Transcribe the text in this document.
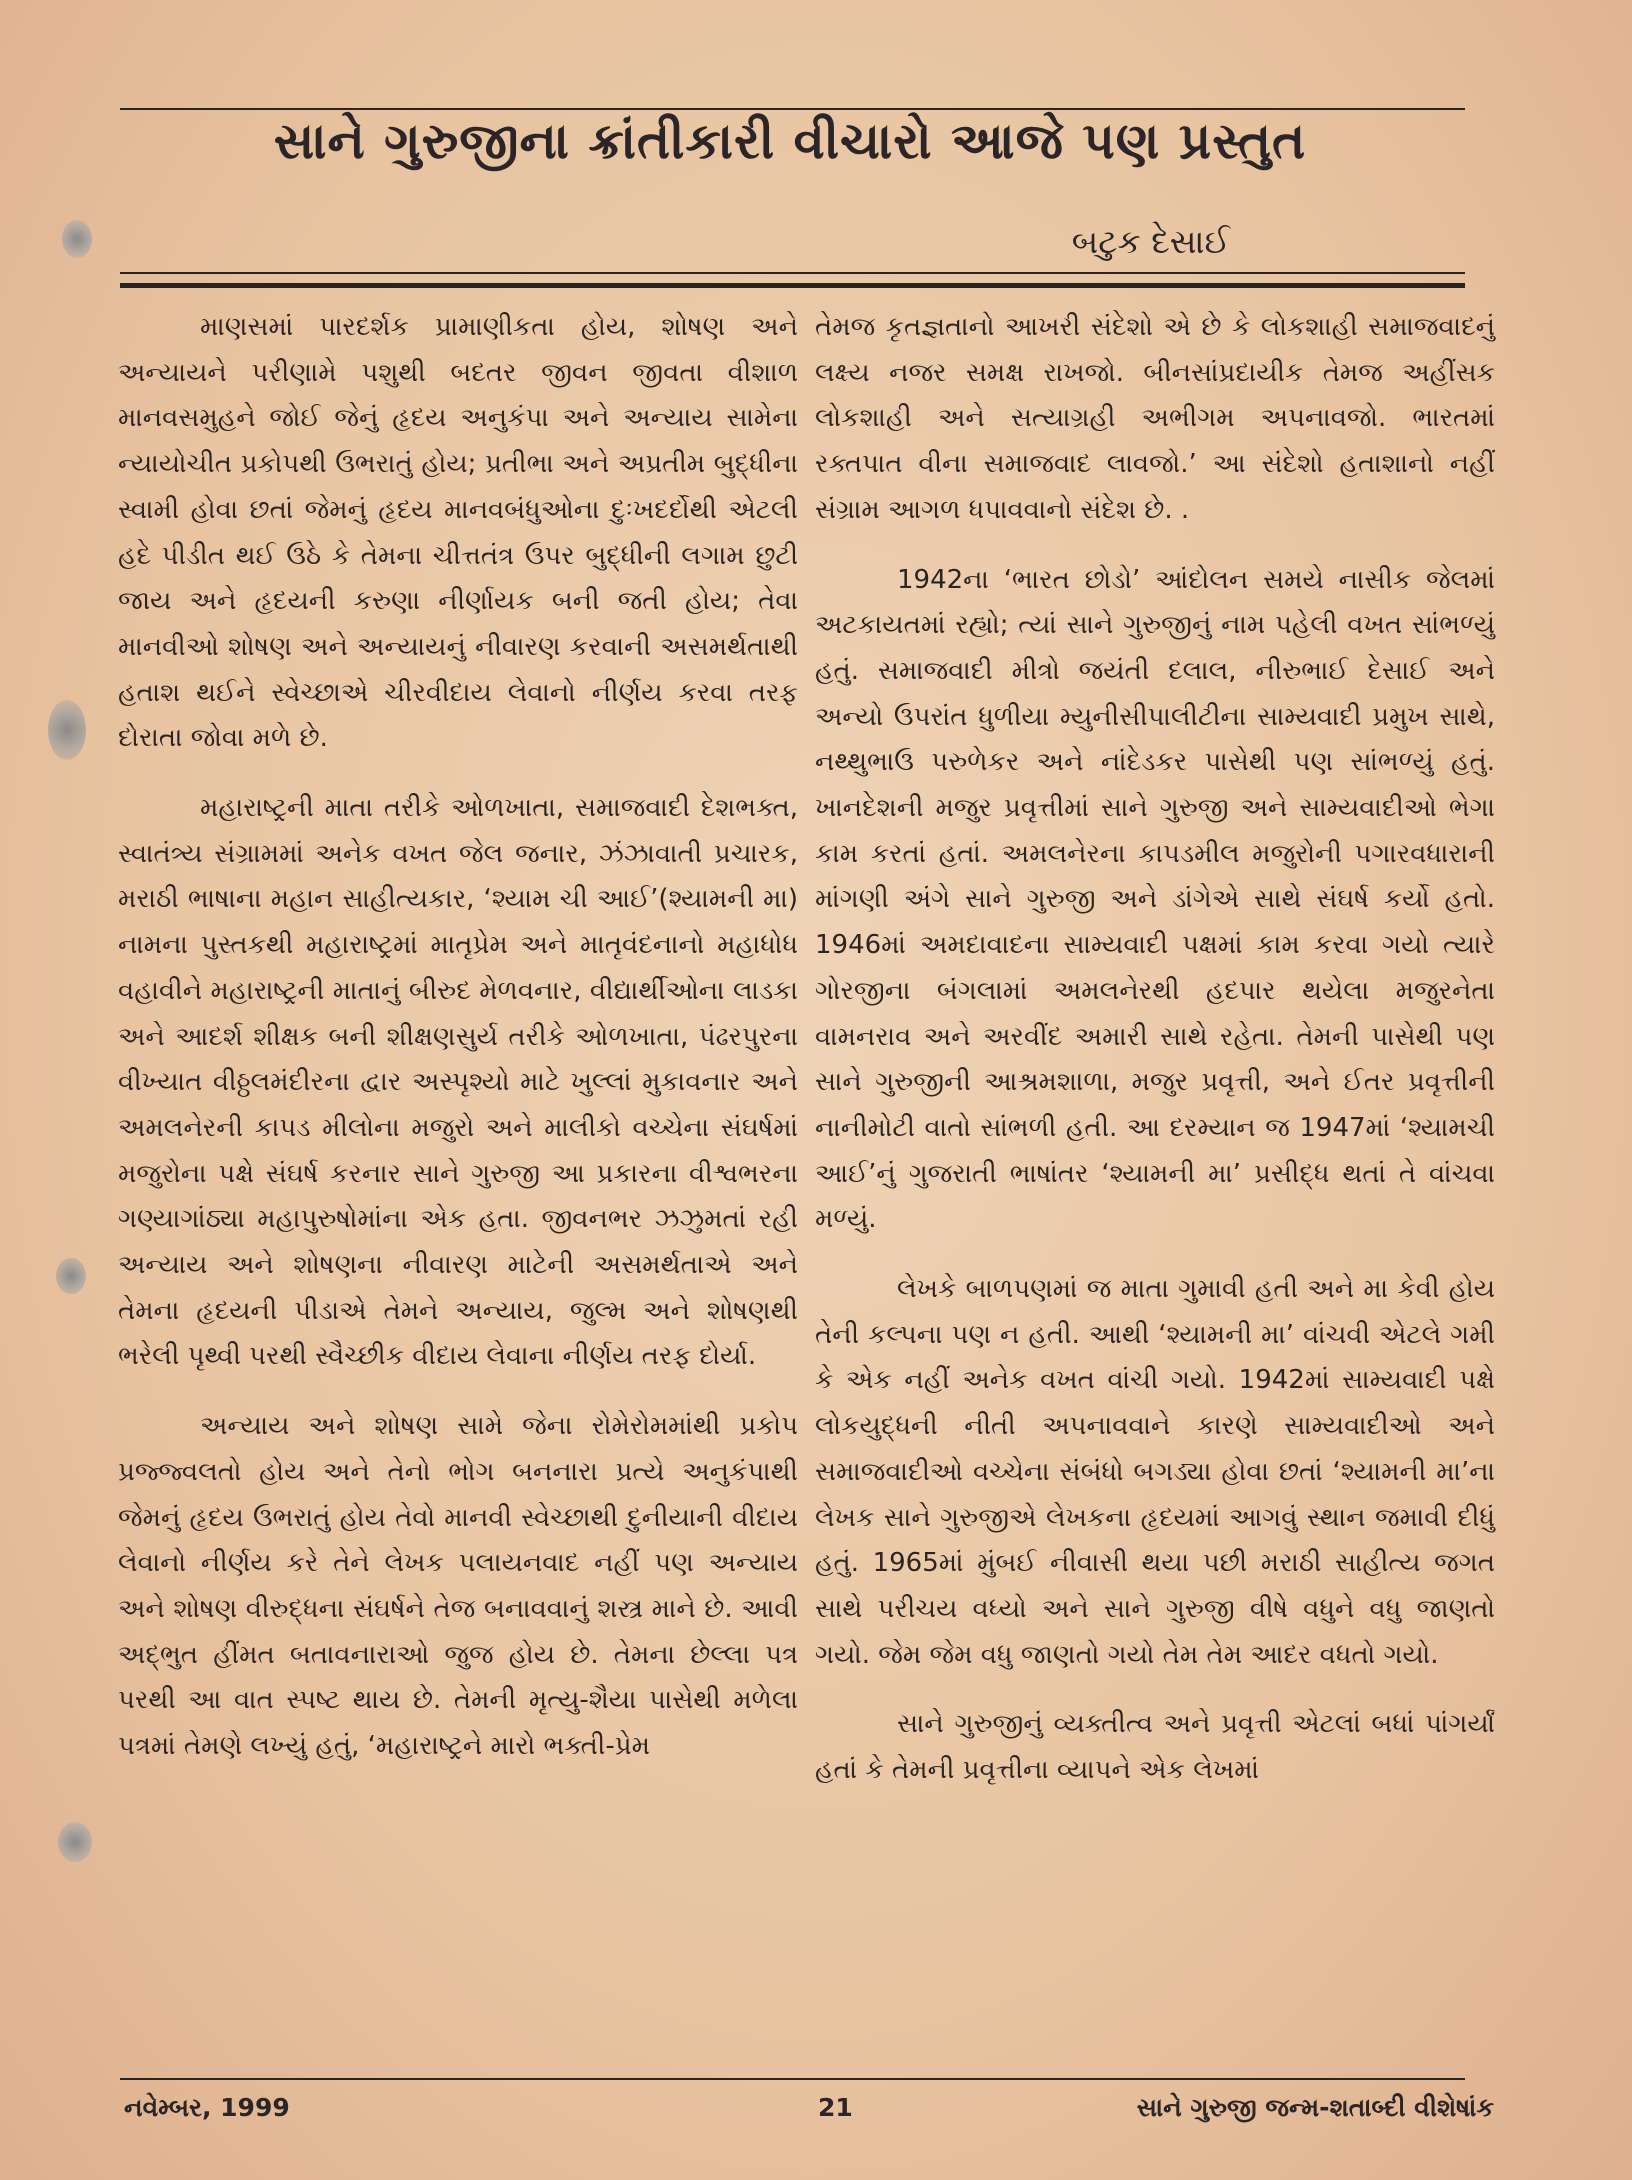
સાને ગુરુજીના ક્રાંતીકારી વીચારો આજે પણ પ્રસ્તુત
બટુક દેસાઈ

માણસમાં પારદર્શક પ્રામાણીકતા હોય, શોષણ અને અન્યાયને પરીણામે પશુથી બદતર જીવન જીવતા વીશાળ માનવસમુહને જોઈ જેનું હૃદય અનુકંપા અને અન્યાય સામેના ન્યાયોચીત પ્રકોપથી ઉભરાતું હોય; પ્રતીભા અને અપ્રતીમ બુદ્ધીના સ્વામી હોવા છતાં જેમનું હૃદય માનવબંધુઓના દુઃખદર્દોથી એટલી હદે પીડીત થઈ ઉઠે કે તેમના ચીત્તતંત્ર ઉપર બુદ્ધીની લગામ છુટી જાય અને હૃદયની કરુણા નીર્ણાયક બની જતી હોય; તેવા માનવીઓ શોષણ અને અન્યાયનું નીવારણ કરવાની અસમર્થતાથી હતાશ થઈને સ્વેચ્છાએ ચીરવીદાય લેવાનો નીર્ણય કરવા તરફ દોરાતા જોવા મળે છે.

મહારાષ્ટ્રની માતા તરીકે ઓળખાતા, સમાજવાદી દેશભક્ત, સ્વાતંત્ર્ય સંગ્રામમાં અનેક વખત જેલ જનાર, ઝંઝાવાતી પ્રચારક, મરાઠી ભાષાના મહાન સાહીત્યકાર, ‘શ્યામ ચી આઈ’(શ્યામની મા) નામના પુસ્તકથી મહારાષ્ટ્રમાં માતૃપ્રેમ અને માતૃવંદનાનો મહાધોધ વહાવીને મહારાષ્ટ્રની માતાનું બીરુદ મેળવનાર, વીદ્યાર્થીઓના લાડકા અને આદર્શ શીક્ષક બની શીક્ષણસુર્ય તરીકે ઓળખાતા, પંઢરપુરના વીખ્યાત વીઠ્ઠલમંદીરના દ્વાર અસ્પૃશ્યો માટે ખુલ્લાં મુકાવનાર અને અમલનેરની કાપડ મીલોના મજુરો અને માલીકો વચ્ચેના સંઘર્ષમાં મજુરોના પક્ષે સંઘર્ષ કરનાર સાને ગુરુજી આ પ્રકારના વીશ્વભરના ગણ્યાગાંઠ્યા મહાપુરુષોમાંના એક હતા. જીવનભર ઝઝુમતાં રહી અન્યાય અને શોષણના નીવારણ માટેની અસમર્થતાએ અને તેમના હૃદયની પીડાએ તેમને અન્યાય, જુલ્મ અને શોષણથી ભરેલી પૃથ્વી પરથી સ્વૈચ્છીક વીદાય લેવાના નીર્ણય તરફ દોર્યા.

અન્યાય અને શોષણ સામે જેના રોમેરોમમાંથી પ્રકોપ પ્રજ્જ્વલતો હોય અને તેનો ભોગ બનનારા પ્રત્યે અનુકંપાથી જેમનું હૃદય ઉભરાતું હોય તેવો માનવી સ્વેચ્છાથી દુનીયાની વીદાય લેવાનો નીર્ણય કરે તેને લેખક પલાયનવાદ નહીં પણ અન્યાય અને શોષણ વીરુદ્ધના સંઘર્ષને તેજ બનાવવાનું શસ્ત્ર માને છે. આવી અદ્‌ભુત હીંમત બતાવનારાઓ જુજ હોય છે. તેમના છેલ્લા પત્ર પરથી આ વાત સ્પષ્ટ થાય છે. તેમની મૃત્યુ-શૈયા પાસેથી મળેલા પત્રમાં તેમણે લખ્યું હતું, ‘મહારાષ્ટ્રને મારો ભક્તી-પ્રેમ

તેમજ કૃતજ્ઞતાનો આખરી સંદેશો એ છે કે લોકશાહી સમાજવાદનું લક્ષ્ય નજર સમક્ષ રાખજો. બીનસાંપ્રદાયીક તેમજ અહીંસક લોકશાહી અને સત્યાગ્રહી અભીગમ અપનાવજો. ભારતમાં રક્તપાત વીના સમાજવાદ લાવજો.’ આ સંદેશો હતાશાનો નહીં સંગ્રામ આગળ ધપાવવાનો સંદેશ છે. .

1942ના ‘ભારત છોડો’ આંદોલન સમયે નાસીક જેલમાં અટકાયતમાં રહ્યો; ત્યાં સાને ગુરુજીનું નામ પહેલી વખત સાંભળ્યું હતું. સમાજવાદી મીત્રો જયંતી દલાલ, નીરુભાઈ દેસાઈ અને અન્યો ઉપરાંત ધુળીયા મ્યુનીસીપાલીટીના સામ્યવાદી પ્રમુખ સાથે, નથ્થુભાઉ પરુળેકર અને નાંદેડકર પાસેથી પણ સાંભળ્યું હતું. ખાનદેશની મજુર પ્રવૃત્તીમાં સાને ગુરુજી અને સામ્યવાદીઓ ભેગા કામ કરતાં હતાં. અમલનેરના કાપડમીલ મજુરોની પગારવધારાની માંગણી અંગે સાને ગુરુજી અને ડાંગેએ સાથે સંઘર્ષ કર્યો હતો. 1946માં અમદાવાદના સામ્યવાદી પક્ષમાં કામ કરવા ગયો ત્યારે ગોરજીના બંગલામાં અમલનેરથી હદપાર થયેલા મજુરનેતા વામનરાવ અને અરવીંદ અમારી સાથે રહેતા. તેમની પાસેથી પણ સાને ગુરુજીની આશ્રમશાળા, મજુર પ્રવૃત્તી, અને ઈતર પ્રવૃત્તીની નાનીમોટી વાતો સાંભળી હતી. આ દરમ્યાન જ 1947માં ‘શ્યામચી આઈ’નું ગુજરાતી ભાષાંતર ‘શ્યામની મા’ પ્રસીદ્ધ થતાં તે વાંચવા મળ્યું.

લેખકે બાળપણમાં જ માતા ગુમાવી હતી અને મા કેવી હોય તેની કલ્પના પણ ન હતી. આથી ‘શ્યામની મા’ વાંચવી એટલે ગમી કે એક નહીં અનેક વખત વાંચી ગયો. 1942માં સામ્યવાદી પક્ષે લોકયુદ્ધની નીતી અપનાવવાને કારણે સામ્યવાદીઓ અને સમાજવાદીઓ વચ્ચેના સંબંધો બગડ્યા હોવા છતાં ‘શ્યામની મા’ના લેખક સાને ગુરુજીએ લેખકના હૃદયમાં આગવું સ્થાન જમાવી દીધું હતું. 1965માં મુંબઈ નીવાસી થયા પછી મરાઠી સાહીત્ય જગત સાથે પરીચય વધ્યો અને સાને ગુરુજી વીષે વધુને વધુ જાણતો ગયો. જેમ જેમ વધુ જાણતો ગયો તેમ તેમ આદર વધતો ગયો.

સાને ગુરુજીનું વ્યક્તીત્વ અને પ્રવૃત્તી એટલાં બધાં પાંગર્યાં હતાં કે તેમની પ્રવૃત્તીના વ્યાપને એક લેખમાં

નવેમ્બર, 1999	21	સાને ગુરુજી જન્મ-શતાબ્દી વીશેષાંક
